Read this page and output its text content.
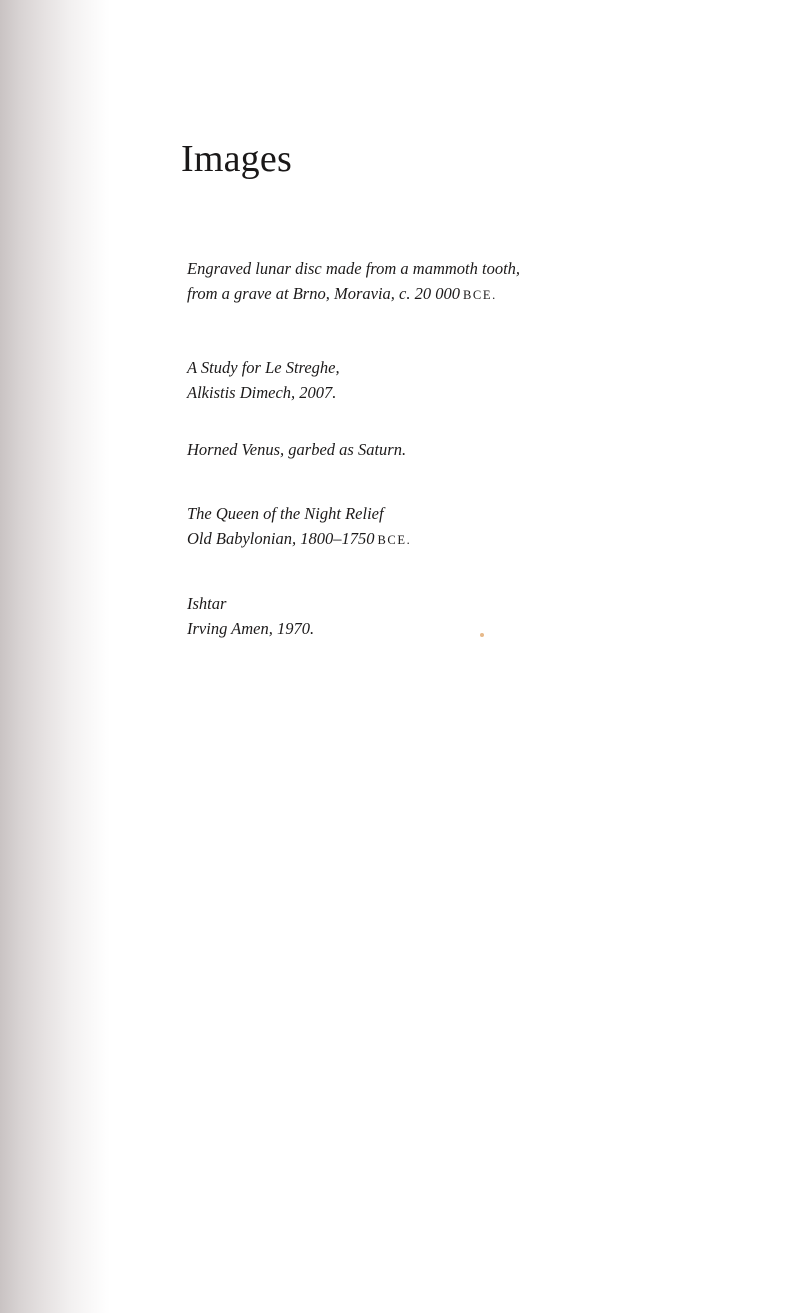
Images
Engraved lunar disc made from a mammoth tooth,
from a grave at Brno, Moravia, c. 20 000 BCE.
A Study for Le Streghe,
Alkistis Dimech, 2007.
Horned Venus, garbed as Saturn.
The Queen of the Night Relief
Old Babylonian, 1800–1750 BCE.
Ishtar
Irving Amen, 1970.
